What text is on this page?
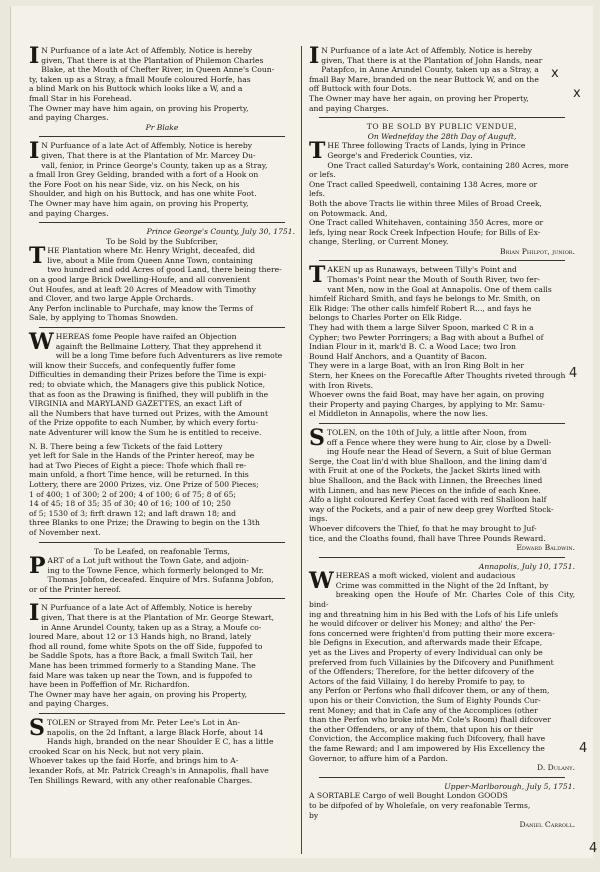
I N Purfuance of a late Act of Affembly, Notice is hereby
given, That there is at the Plantation of Philemon Charles
Blake, at the Mouth of Chefter River, in Queen Anne's Coun-
ty, taken up as a Stray, a fmall Moufe coloured Horfe, has
a blind Mark on his Buttock which looks like a W, and a
fmall Star in his Forehead.
The Owner may have him again, on proving his Property,
and paying Charges.
Pr Blake
I N Purfuance of a late Act of Affembly, Notice is hereby
given, That there is at the Plantation of Mr. Marcey Du-
vall, fenior, in Prince George's County, taken up as a Stray,
a fmall Iron Grey Gelding, branded with a fort of a Hook on
the Fore Foot on his near Side, viz. on his Neck, on his
Shoulder, and high on his Buttock, and has one white Foot.
The Owner may have him again, on proving his Property,
and paying Charges.
Prince George's County, July 30, 1751.
To be Sold by the Subfcriber,
T HE Plantation where Mr. Henry Wright, deceafed, did
live, about a Mile from Queen Anne Town, containing
two hundred and odd Acres of good Land, there being there-
on a good large Brick Dwelling-Houfe, and all convenient
Out Houfes, and at leaft 20 Acres of Meadow with Timothy
and Clover, and two large Apple Orchards.
Any Perfon inclinable to Purchafe, may know the Terms of
Sale, by applying to Thomas Snowden.
W HEREAS fome People have raifed an Objection
againft the Bellmaine Lottery, That they apprehend it
will be a long Time before fuch Adventurers as live remote
will know their Succefs, and confequently fuffer fome
Difficulties in demanding their Prizes before the Time is expi-
red; to obviate which, the Managers give this publick Notice,
that as foon as the Drawing is finifhed, they will publifh in the
VIRGINIA and MARYLAND GAZETTES, an exact Lift of
all the Numbers that have turned out Prizes, with the Amount
of the Prize oppofite to each Number, by which every fortu-
nate Adventurer will know the Sum he is entitled to receive.
N. B. There being a few Tickets of the faid Lottery
yet left for Sale in the Hands of the Printer hereof, may be
had at Two Pieces of Eight a piece: Thofe which fhall re-
main unfold, a fhort Time hence, will be returned. In this
Lottery, there are 2000 Prizes, viz. One Prize of 500 Pieces;
1 of 400; 1 of 300; 2 of 200; 4 of 100; 6 of 75; 8 of 65;
14 of 45; 18 of 35; 35 of 30; 40 of 16; 100 of 10; 250
of 5; 1530 of 3; firft drawn 12; and laft drawn 18; and
three Blanks to one Prize; the Drawing to begin on the 13th
of November next.
To be Leafed, on reafonable Terms,
P ART of a Lot juft without the Town Gate, and adjoin-
ing to the Towne Fence, which formerly belonged to Mr.
Thomas Jobfon, deceafed. Enquire of Mrs. Sufanna Jobfon,
or of the Printer hereof.
I N Purfuance of a late Act of Affembly, Notice is hereby
given, That there is at the Plantation of Mr. George Stewart,
in Anne Arundel County, taken up as a Stray, a Moufe co-
loured Mare, about 12 or 13 Hands high, no Brand, lately
fhod all round, fome white Spots on the off Side, fuppofed to
be Saddle Spots, has a ftore Back, a fmall Switch Tail, her
Mane has been trimmed formerly to a Standing Mane. The
faid Mare was taken up near the Town, and is fuppofed to
have been in Poffeffion of Mr. Richardfon.
The Owner may have her again, on proving his Property,
and paying Charges.
S TOLEN or Strayed from Mr. Peter Lee's Lot in An-
napolis, on the 2d Inftant, a large Black Horfe, about 14
Hands high, branded on the near Shoulder E C, has a little
crooked Scar on his Neck, but not very plain.
Whoever takes up the faid Horfe, and brings him to A-
lexander Rofs, at Mr. Patrick Creagh's in Annapolis, fhall have
Ten Shillings Reward, with any other reafonable Charges.
I N Purfuance of a late Act of Affembly, Notice is hereby
given, That there is at the Plantation of John Hands, near
Patapfco, in Anne Arundel County, taken up as a Stray, a
fmall Bay Mare, branded on the near Buttock W, and on the
off Buttock with four Dots.
The Owner may have her again, on proving her Property,
and paying Charges.
TO BE SOLD BY PUBLIC VENDUE,
On Wednefday the 28th Day of Auguft,
T HE Three following Tracts of Lands, lying in Prince
George's and Frederick Counties, viz.
One Tract called Saturday's Work, containing 280 Acres, more
or lefs.
One Tract called Speedwell, containing 138 Acres, more or
lefs.
Both the above Tracts lie within three Miles of Broad Creek,
on Potowmack. And,
One Tract called Whitehaven, containing 350 Acres, more or
lefs, lying near Rock Creek Infpection Houfe; for Bills of Ex-
change, Sterling, or Current Money.
Brian Philpot, junior.
T AKEN up as Runaways, between Tilly's Point and
Thomas's Point near the Mouth of South River, two fer-
vant Men, now in the Goal at Annapolis. One of them calls
himfelf Richard Smith, and fays he belongs to Mr. Smith, on
Elk Ridge: The other calls himfelf Robert R..., and fays he
belongs to Charles Porter on Elk Ridge.
They had with them a large Silver Spoon, marked C R in a
Cypher; two Pewter Porringers; a Bag with about a Bufhel of
Indian Flour in it, mark'd B. C. a Wood Lace; two Iron
Bound Half Anchors, and a Quantity of Bacon.
They were in a large Boat, with an Iron Ring Bolt in her
Stern, her Knees on the Forecaftle After Thoughts riveted through
with Iron Rivets.
Whoever owns the faid Boat, may have her again, on proving
their Property and paying Charges, by applying to Mr. Samu-
el Middleton in Annapolis, where the now lies.
S TOLEN, on the 10th of July, a little after Noon, from
off a Fence where they were hung to Air, close by a Dwell-
ing Houfe near the Head of Severn, a Suit of blue German
Serge, the Coat lin'd with blue Shalloon, and the lining dam'd
with Fruit at one of the Pockets, the Jacket Skirts lined with
blue Shalloon, and the Back with Linnen, the Breeches lined
with Linnen, and has new Pieces on the infide of each Knee.
Alfo a light coloured Kerfey Coat faced with red Shalloon half
way of the Pockets, and a pair of new deep grey Worfted Stock-
ings.
Whoever difcovers the Thief, fo that he may brought to Juf-
tice, and the Cloaths found, fhall have Three Pounds Reward.
Edward Baldwin.
Annapolis, July 10, 1751.
W HEREAS a moft wicked, violent and audacious
Crime was committed in the Night of the 2d Inftant, by
breaking open the Houfe of Mr. Charles Cole of this City, bind-
ing and threatning him in his Bed with the Lofs of his Life unlefs
he would difcover or deliver his Money; and altho' the Per-
fons concerned were frighten'd from putting their more excera-
ble Defigns in Execution, and afterwards made their Efcape,
yet as the Lives and Property of every Individual can only be
preferved from fuch Villainies by the Difcovery and Punifhment
of the Offenders; Therefore, for the better difcovery of the
Actors of the faid Villainy, I do hereby Promife to pay, to
any Perfon or Perfons who fhall difcover them, or any of them,
upon his or their Conviction, the Sum of Eighty Pounds Cur-
rent Money; and that in Cafe any of the Accomplices (other
than the Perfon who broke into Mr. Cole's Room) fhall difcover
the other Offenders, or any of them, that upon his or their
Conviction, the Accomplice making fuch Difcovery, fhall have
the fame Reward; and I am impowered by His Excellency the
Governor, to affure him of a Pardon.
D. Dulany.
Upper-Marlborough, July 5, 1751.
A SORTABLE Cargo of well Bought London GOODS
to be difpofed of by Wholefale, on very reafonable Terms,
by
Daniel Carroll.
x
x
4
4
4
